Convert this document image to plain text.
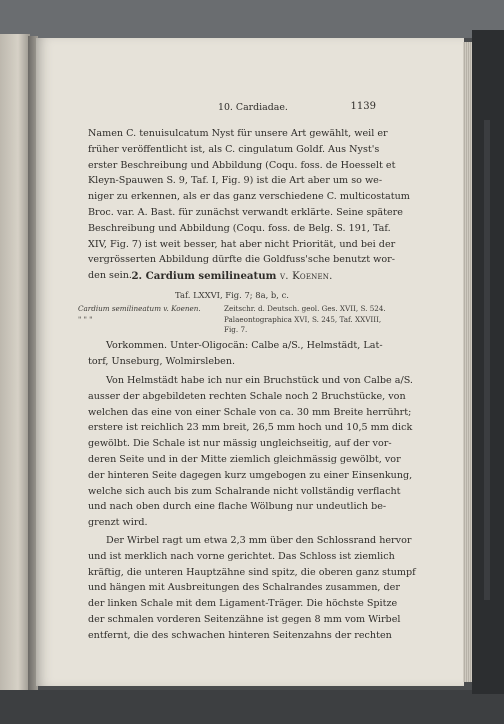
10. Cardiadae.	1139
Namen C. tenuisulcatum Nyst für unsere Art gewählt, weil er
früher veröffentlicht ist, als C. cingulatum Goldf. Aus Nyst's
erster Beschreibung und Abbildung (Coqu. foss. de Hoesselt et
Kleyn-Spauwen S. 9, Taf. I, Fig. 9) ist die Art aber um so we-
niger zu erkennen, als er das ganz verschiedene C. multicostatum
Broc. var. A. Bast. für zunächst verwandt erklärte. Seine spätere
Beschreibung und Abbildung (Coqu. foss. de Belg. S. 191, Taf.
XIV, Fig. 7) ist weit besser, hat aber nicht Priorität, und bei der
vergrösserten Abbildung dürfte die Goldfuss'sche benutzt wor-
den sein. 2. Cardium semilineatum v. Koenen.
Taf. LXXVI, Fig. 7; 8a, b, c.
Cardium semilineatum v. Koenen.	Zeitschr. d. Deutsch. geol. Ges. XVII, S. 524.
" " "	Palaeontographica XVI, S. 245, Taf. XXVIII,
Fig. 7.
Vorkommen. Unter-Oligocän: Calbe a/S., Helmstädt, Lat-
torf, Unseburg, Wolmirsleben.
Von Helmstädt habe ich nur ein Bruchstück und von Calbe a/S.
ausser der abgebildeten rechten Schale noch 2 Bruchstücke, von
welchen das eine von einer Schale von ca. 30 mm Breite herrührt;
erstere ist reichlich 23 mm breit, 26,5 mm hoch und 10,5 mm dick
gewölbt. Die Schale ist nur mässig ungleichseitig, auf der vor-
deren Seite und in der Mitte ziemlich gleichmässig gewölbt, vor
der hinteren Seite dagegen kurz umgebogen zu einer Einsenkung,
welche sich auch bis zum Schalrande nicht vollständig verflacht
und nach oben durch eine flache Wölbung nur undeutlich be-
grenzt wird.
Der Wirbel ragt um etwa 2,3 mm über den Schlossrand hervor
und ist merklich nach vorne gerichtet. Das Schloss ist ziemlich
kräftig, die unteren Hauptzähne sind spitz, die oberen ganz stumpf
und hängen mit Ausbreitungen des Schalrandes zusammen, der
der linken Schale mit dem Ligament-Träger. Die höchste Spitze
der schmalen vorderen Seitenzähne ist gegen 8 mm vom Wirbel
entfernt, die des schwachen hinteren Seitenzahns der rechten
